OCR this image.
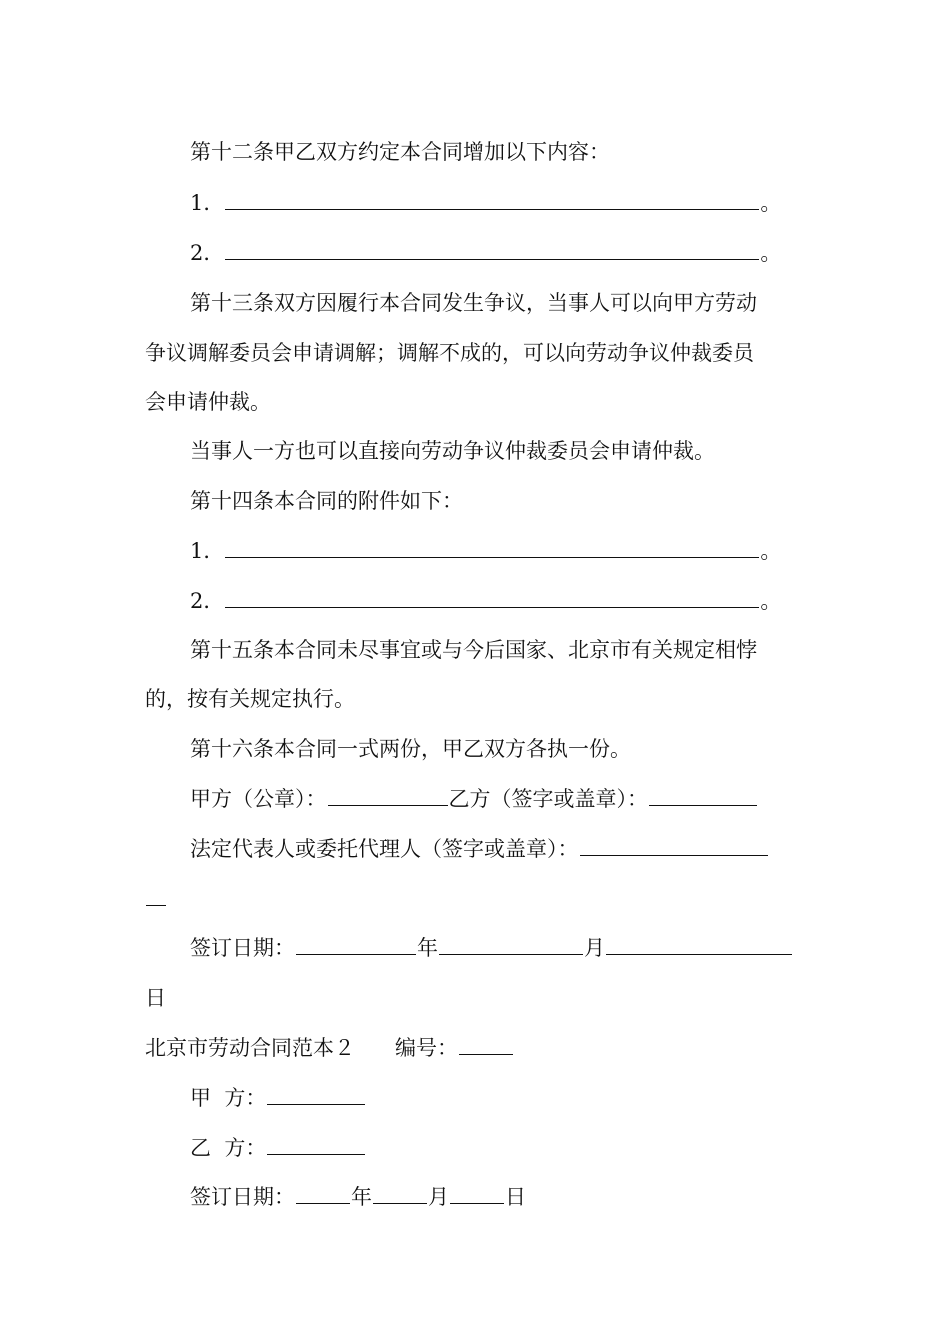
第十二条甲乙双方约定本合同增加以下内容：
1．	。
2．	。
第十三条双方因履行本合同发生争议，当事人可以向甲方劳动
争议调解委员会申请调解；调解不成的，可以向劳动争议仲裁委员
会申请仲裁。
当事人一方也可以直接向劳动争议仲裁委员会申请仲裁。
第十四条本合同的附件如下：
1．	。
2．	。
第十五条本合同未尽事宜或与今后国家、北京市有关规定相悖
的，按有关规定执行。
第十六条本合同一式两份，甲乙双方各执一份。
甲方（公章）：	乙方（签字或盖章）：
法定代表人或委托代理人（签字或盖章）：
签订日期：	年	月
日
北京市劳动合同范本２ 编号：
甲  方：
乙  方：
签订日期：	年	月	日
